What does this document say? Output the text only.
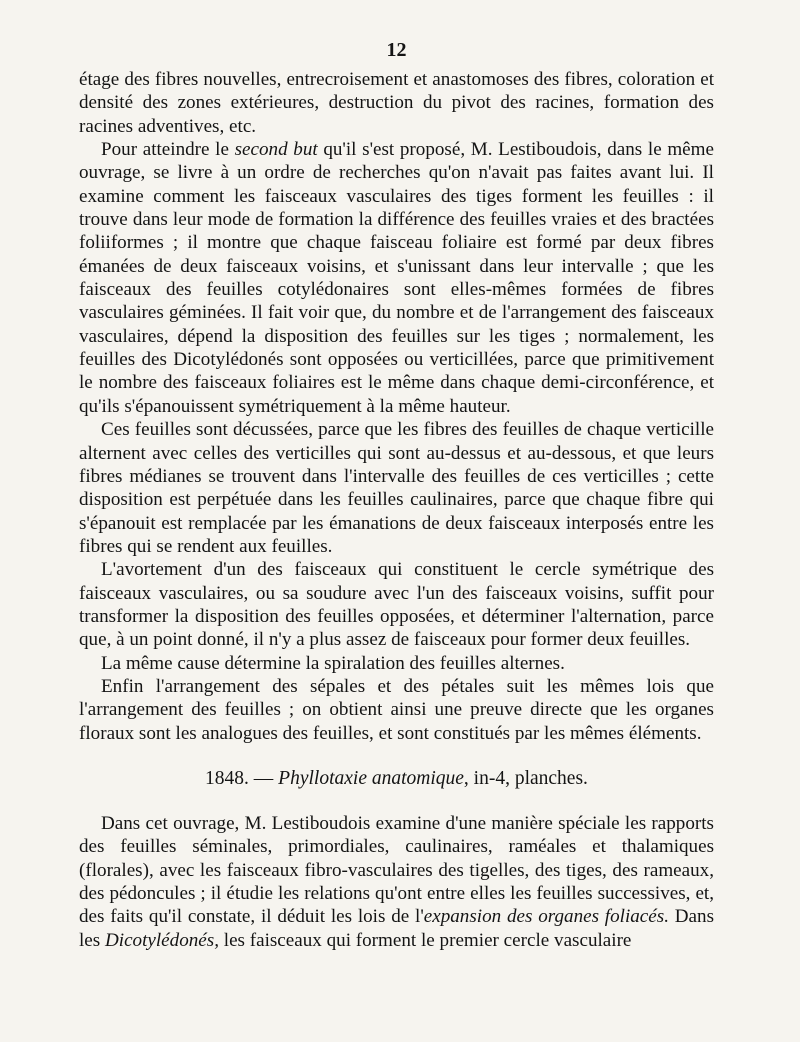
12

étage des fibres nouvelles, entrecroisement et anastomoses des fibres, coloration et densité des zones extérieures, destruction du pivot des racines, formation des racines adventives, etc.

Pour atteindre le second but qu'il s'est proposé, M. Lestiboudois, dans le même ouvrage, se livre à un ordre de recherches qu'on n'avait pas faites avant lui. Il examine comment les faisceaux vasculaires des tiges forment les feuilles : il trouve dans leur mode de formation la différence des feuilles vraies et des bractées foliiformes ; il montre que chaque faisceau foliaire est formé par deux fibres émanées de deux faisceaux voisins, et s'unissant dans leur intervalle ; que les faisceaux des feuilles cotylédonaires sont elles-mêmes formées de fibres vasculaires géminées. Il fait voir que, du nombre et de l'arrangement des faisceaux vasculaires, dépend la disposition des feuilles sur les tiges ; normalement, les feuilles des Dicotylédonés sont opposées ou verticillées, parce que primitivement le nombre des faisceaux foliaires est le même dans chaque demi-circonférence, et qu'ils s'épanouissent symétriquement à la même hauteur.

Ces feuilles sont décussées, parce que les fibres des feuilles de chaque verticille alternent avec celles des verticilles qui sont au-dessus et au-dessous, et que leurs fibres médianes se trouvent dans l'intervalle des feuilles de ces verticilles ; cette disposition est perpétuée dans les feuilles caulinaires, parce que chaque fibre qui s'épanouit est remplacée par les émanations de deux faisceaux interposés entre les fibres qui se rendent aux feuilles.

L'avortement d'un des faisceaux qui constituent le cercle symétrique des faisceaux vasculaires, ou sa soudure avec l'un des faisceaux voisins, suffit pour transformer la disposition des feuilles opposées, et déterminer l'alternation, parce que, à un point donné, il n'y a plus assez de faisceaux pour former deux feuilles.

La même cause détermine la spiralation des feuilles alternes.

Enfin l'arrangement des sépales et des pétales suit les mêmes lois que l'arrangement des feuilles ; on obtient ainsi une preuve directe que les organes floraux sont les analogues des feuilles, et sont constitués par les mêmes éléments.

1848. — Phyllotaxie anatomique, in-4, planches.

Dans cet ouvrage, M. Lestiboudois examine d'une manière spéciale les rapports des feuilles séminales, primordiales, caulinaires, raméales et thalamiques (florales), avec les faisceaux fibro-vasculaires des tigelles, des tiges, des rameaux, des pédoncules ; il étudie les relations qu'ont entre elles les feuilles successives, et, des faits qu'il constate, il déduit les lois de l'expansion des organes foliacés. Dans les Dicotylédonés, les faisceaux qui forment le premier cercle vasculaire
